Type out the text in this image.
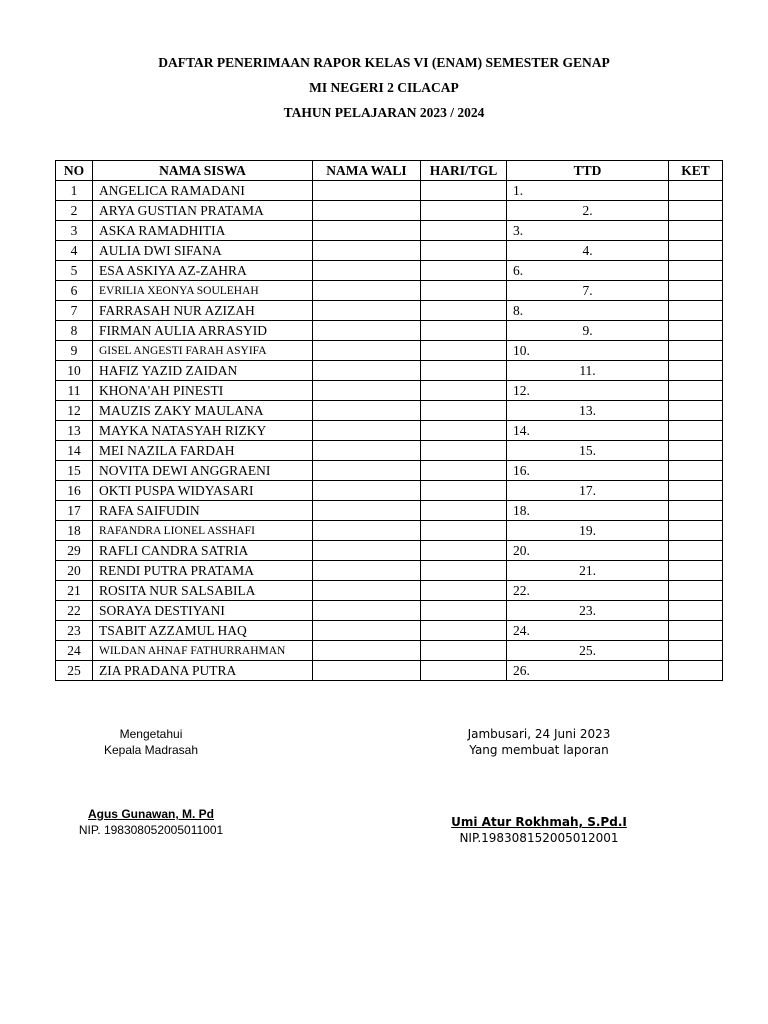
DAFTAR PENERIMAAN RAPOR KELAS VI (ENAM) SEMESTER GENAP
MI NEGERI 2 CILACAP
TAHUN PELAJARAN 2023 / 2024
NO	NAMA SISWA	NAMA WALI	HARI/TGL	TTD	KET
1	ANGELICA RAMADANI			1.	
2	ARYA GUSTIAN PRATAMA			2.	
3	ASKA RAMADHITIA			3.	
4	AULIA DWI SIFANA			4.	
5	ESA ASKIYA AZ-ZAHRA			6.	
6	EVRILIA XEONYA SOULEHAH			7.	
7	FARRASAH NUR AZIZAH			8.	
8	FIRMAN AULIA ARRASYID			9.	
9	GISEL ANGESTI FARAH ASYIFA			10.	
10	HAFIZ YAZID ZAIDAN			11.	
11	KHONA'AH PINESTI			12.	
12	MAUZIS ZAKY MAULANA			13.	
13	MAYKA NATASYAH RIZKY			14.	
14	MEI NAZILA FARDAH			15.	
15	NOVITA DEWI ANGGRAENI			16.	
16	OKTI PUSPA WIDYASARI			17.	
17	RAFA SAIFUDIN			18.	
18	RAFANDRA LIONEL ASSHAFI			19.	
29	RAFLI CANDRA SATRIA			20.	
20	RENDI PUTRA PRATAMA			21.	
21	ROSITA NUR SALSABILA			22.	
22	SORAYA DESTIYANI			23.	
23	TSABIT AZZAMUL HAQ			24.	
24	WILDAN AHNAF FATHURRAHMAN			25.	
25	ZIA PRADANA PUTRA			26.	
Mengetahui
Kepala Madrasah
Agus Gunawan, M. Pd
NIP. 198308052005011001
Jambusari, 24 Juni 2023
Yang membuat laporan
Umi Atur Rokhmah, S.Pd.I
NIP.198308152005012001
